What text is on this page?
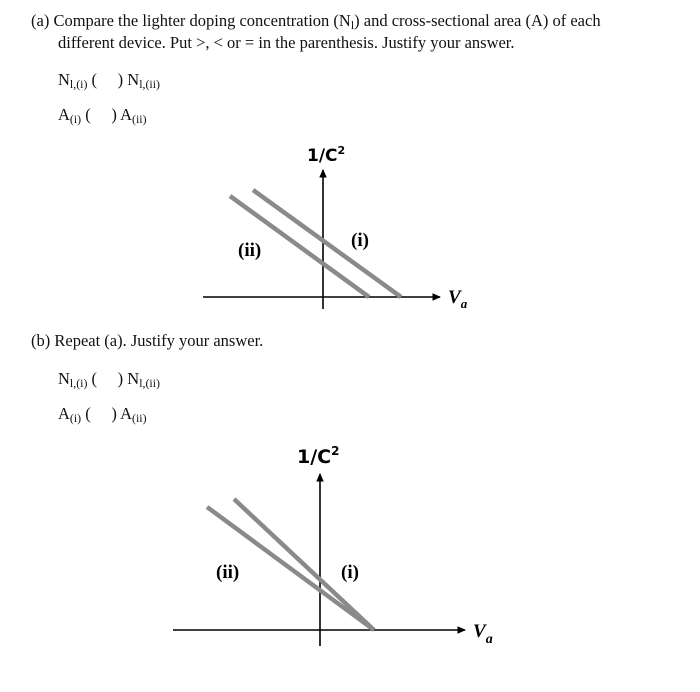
(a) Compare the lighter doping concentration $(N_l)$ and cross-sectional area (A) of each
different device. Put >, < or = in the parenthesis. Justify your answer.
$N_{l,(i)}$ ( ) $N_{l,(ii)}$
$A_{(i)}$ ( ) $A_{(ii)}$
(b) Repeat (a). Justify your answer.
$N_{l,(i)}$ ( ) $N_{l,(ii)}$
$A_{(i)}$ ( ) $A_{(ii)}$
$1/C^2$
$V_a$
(ii)	(i)
$1/C^2$
$V_a$
(ii)	(i)
